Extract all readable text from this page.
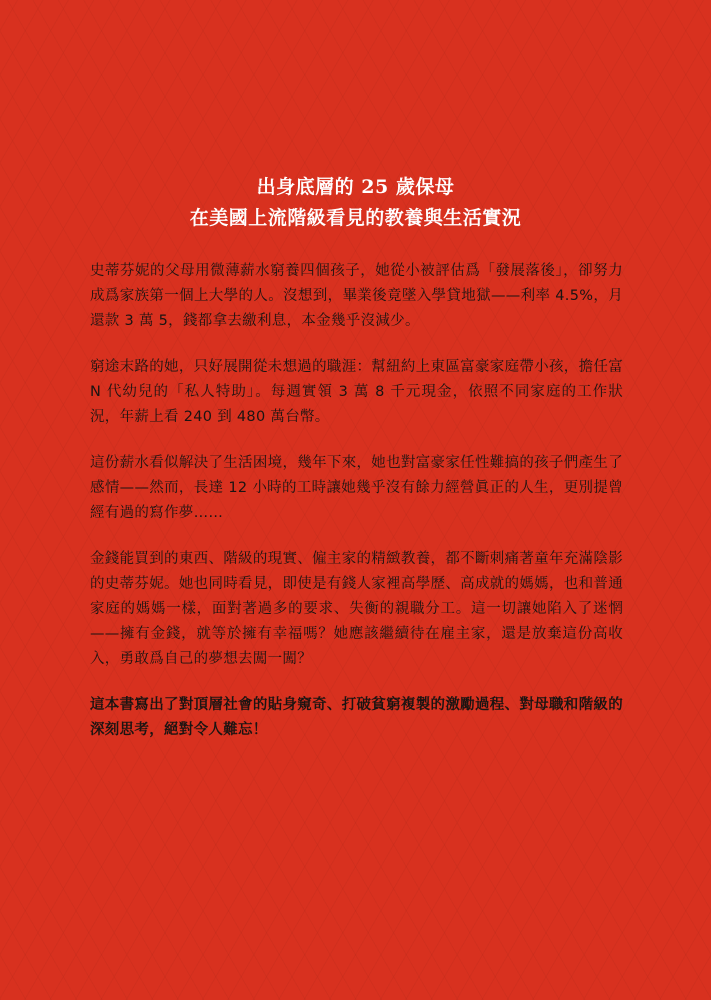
出身底層的 25 歲保母
在美國上流階級看見的教養與生活實況

史蒂芬妮的父母用微薄薪水窮養四個孩子，她從小被評估爲「發展落後」，卻努力成爲家族第一個上大學的人。沒想到，畢業後竟墜入學貸地獄——利率 4.5%，月還款 3 萬 5，錢都拿去繳利息，本金幾乎沒減少。

窮途末路的她，只好展開從未想過的職涯：幫紐約上東區富豪家庭帶小孩，擔任富 N 代幼兒的「私人特助」。每週實領 3 萬 8 千元現金，依照不同家庭的工作狀況，年薪上看 240 到 480 萬台幣。

這份薪水看似解決了生活困境，幾年下來，她也對富豪家任性難搞的孩子們產生了感情——然而，長達 12 小時的工時讓她幾乎沒有餘力經營眞正的人生，更別提曾經有過的寫作夢……

金錢能買到的東西、階級的現實、僱主家的精緻教養，都不斷刺痛著童年充滿陰影的史蒂芬妮。她也同時看見，即使是有錢人家裡高學歷、高成就的媽媽，也和普通家庭的媽媽一樣，面對著過多的要求、失衡的親職分工。這一切讓她陷入了迷惘——擁有金錢，就等於擁有幸福嗎？她應該繼續待在雇主家，還是放棄這份高收入，勇敢爲自己的夢想去闖一闖？

這本書寫出了對頂層社會的貼身窺奇、打破貧窮複製的激勵過程、對母職和階級的深刻思考，絕對令人難忘！
